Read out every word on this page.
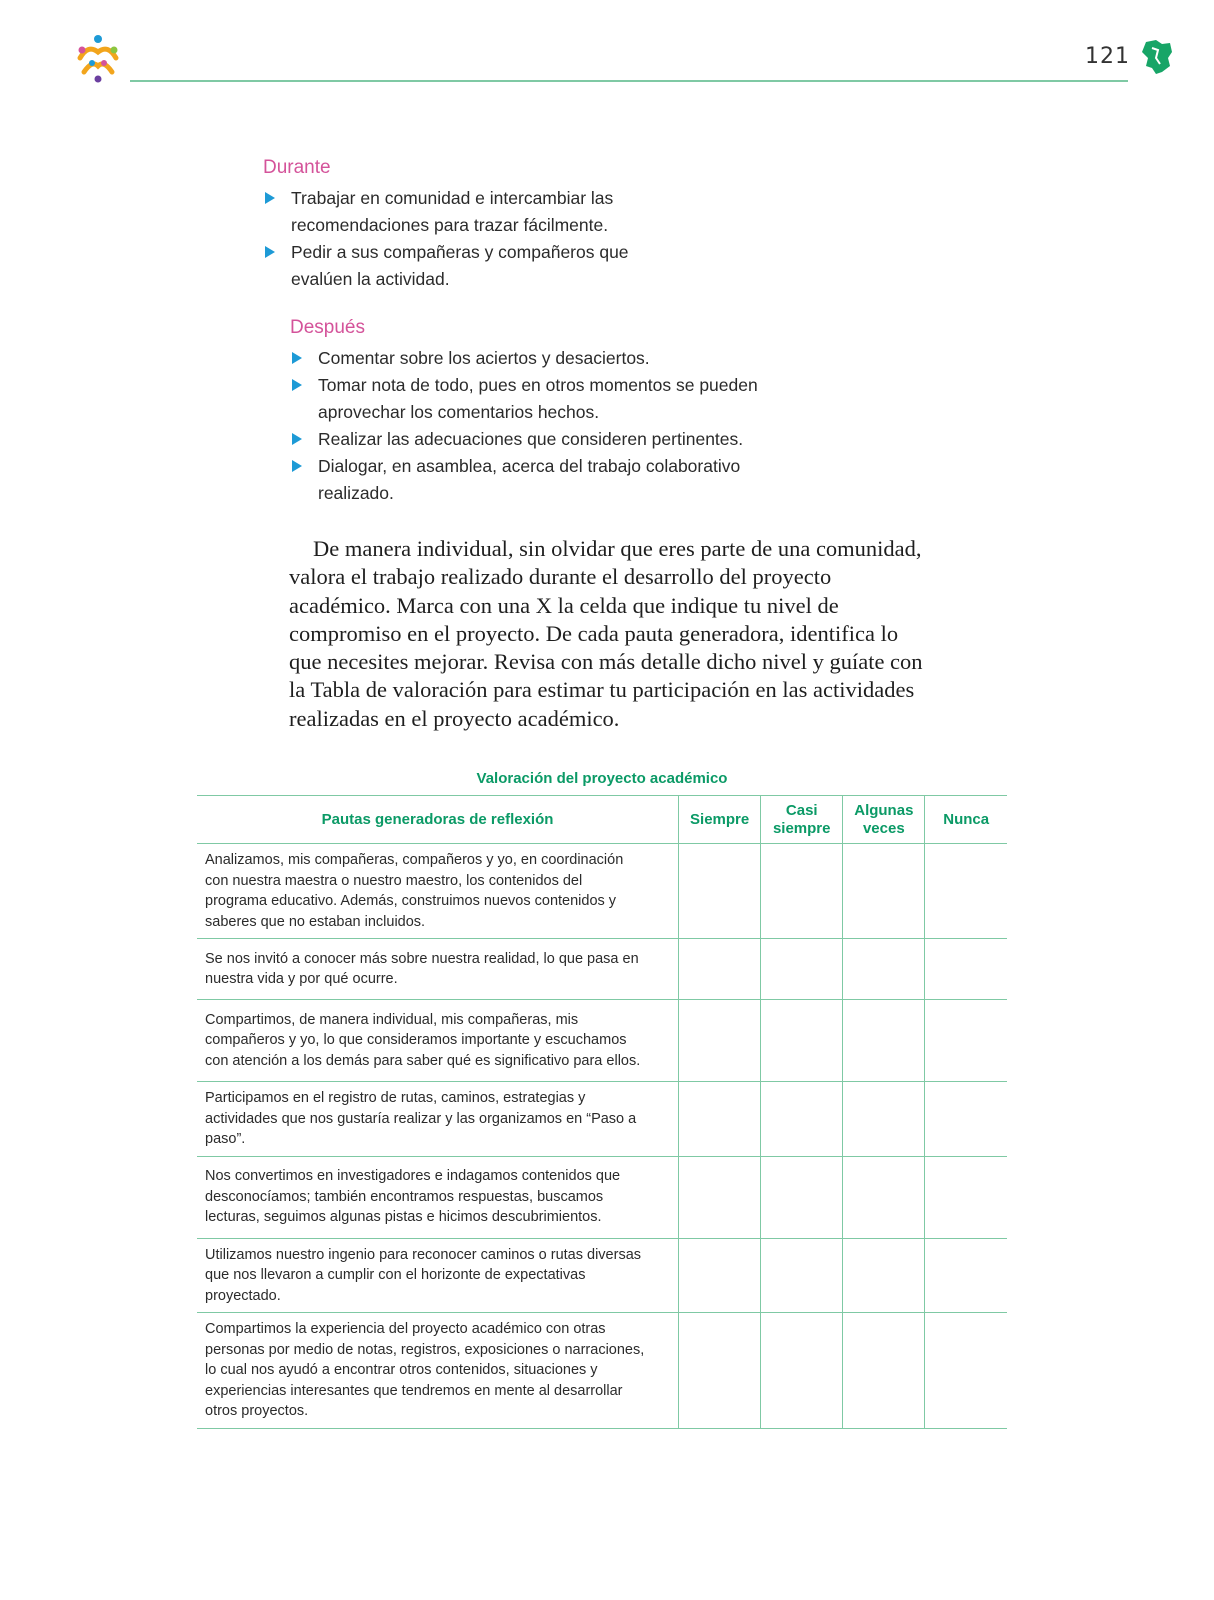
121
Durante
Trabajar en comunidad e intercambiar las recomendaciones para trazar fácilmente.
Pedir a sus compañeras y compañeros que evalúen la actividad.
Después
Comentar sobre los aciertos y desaciertos.
Tomar nota de todo, pues en otros momentos se pueden aprovechar los comentarios hechos.
Realizar las adecuaciones que consideren pertinentes.
Dialogar, en asamblea, acerca del trabajo colaborativo realizado.

De manera individual, sin olvidar que eres parte de una comunidad, valora el trabajo realizado durante el desarrollo del proyecto académico. Marca con una X la celda que indique tu nivel de compromiso en el proyecto. De cada pauta generadora, identifica lo que necesites mejorar. Revisa con más detalle dicho nivel y guíate con la Tabla de valoración para estimar tu participación en las actividades realizadas en el proyecto académico.

Valoración del proyecto académico
Pautas generadoras de reflexión	Siempre	Casi siempre	Algunas veces	Nunca
Analizamos, mis compañeras, compañeros y yo, en coordinación con nuestra maestra o nuestro maestro, los contenidos del programa educativo. Además, construimos nuevos contenidos y saberes que no estaban incluidos.				
Se nos invitó a conocer más sobre nuestra realidad, lo que pasa en nuestra vida y por qué ocurre.				
Compartimos, de manera individual, mis compañeras, mis compañeros y yo, lo que consideramos importante y escuchamos con atención a los demás para saber qué es significativo para ellos.				
Participamos en el registro de rutas, caminos, estrategias y actividades que nos gustaría realizar y las organizamos en “Paso a paso”.				
Nos convertimos en investigadores e indagamos contenidos que desconocíamos; también encontramos respuestas, buscamos lecturas, seguimos algunas pistas e hicimos descubrimientos.				
Utilizamos nuestro ingenio para reconocer caminos o rutas diversas que nos llevaron a cumplir con el horizonte de expectativas proyectado.				
Compartimos la experiencia del proyecto académico con otras personas por medio de notas, registros, exposiciones o narraciones, lo cual nos ayudó a encontrar otros contenidos, situaciones y experiencias interesantes que tendremos en mente al desarrollar otros proyectos.				
